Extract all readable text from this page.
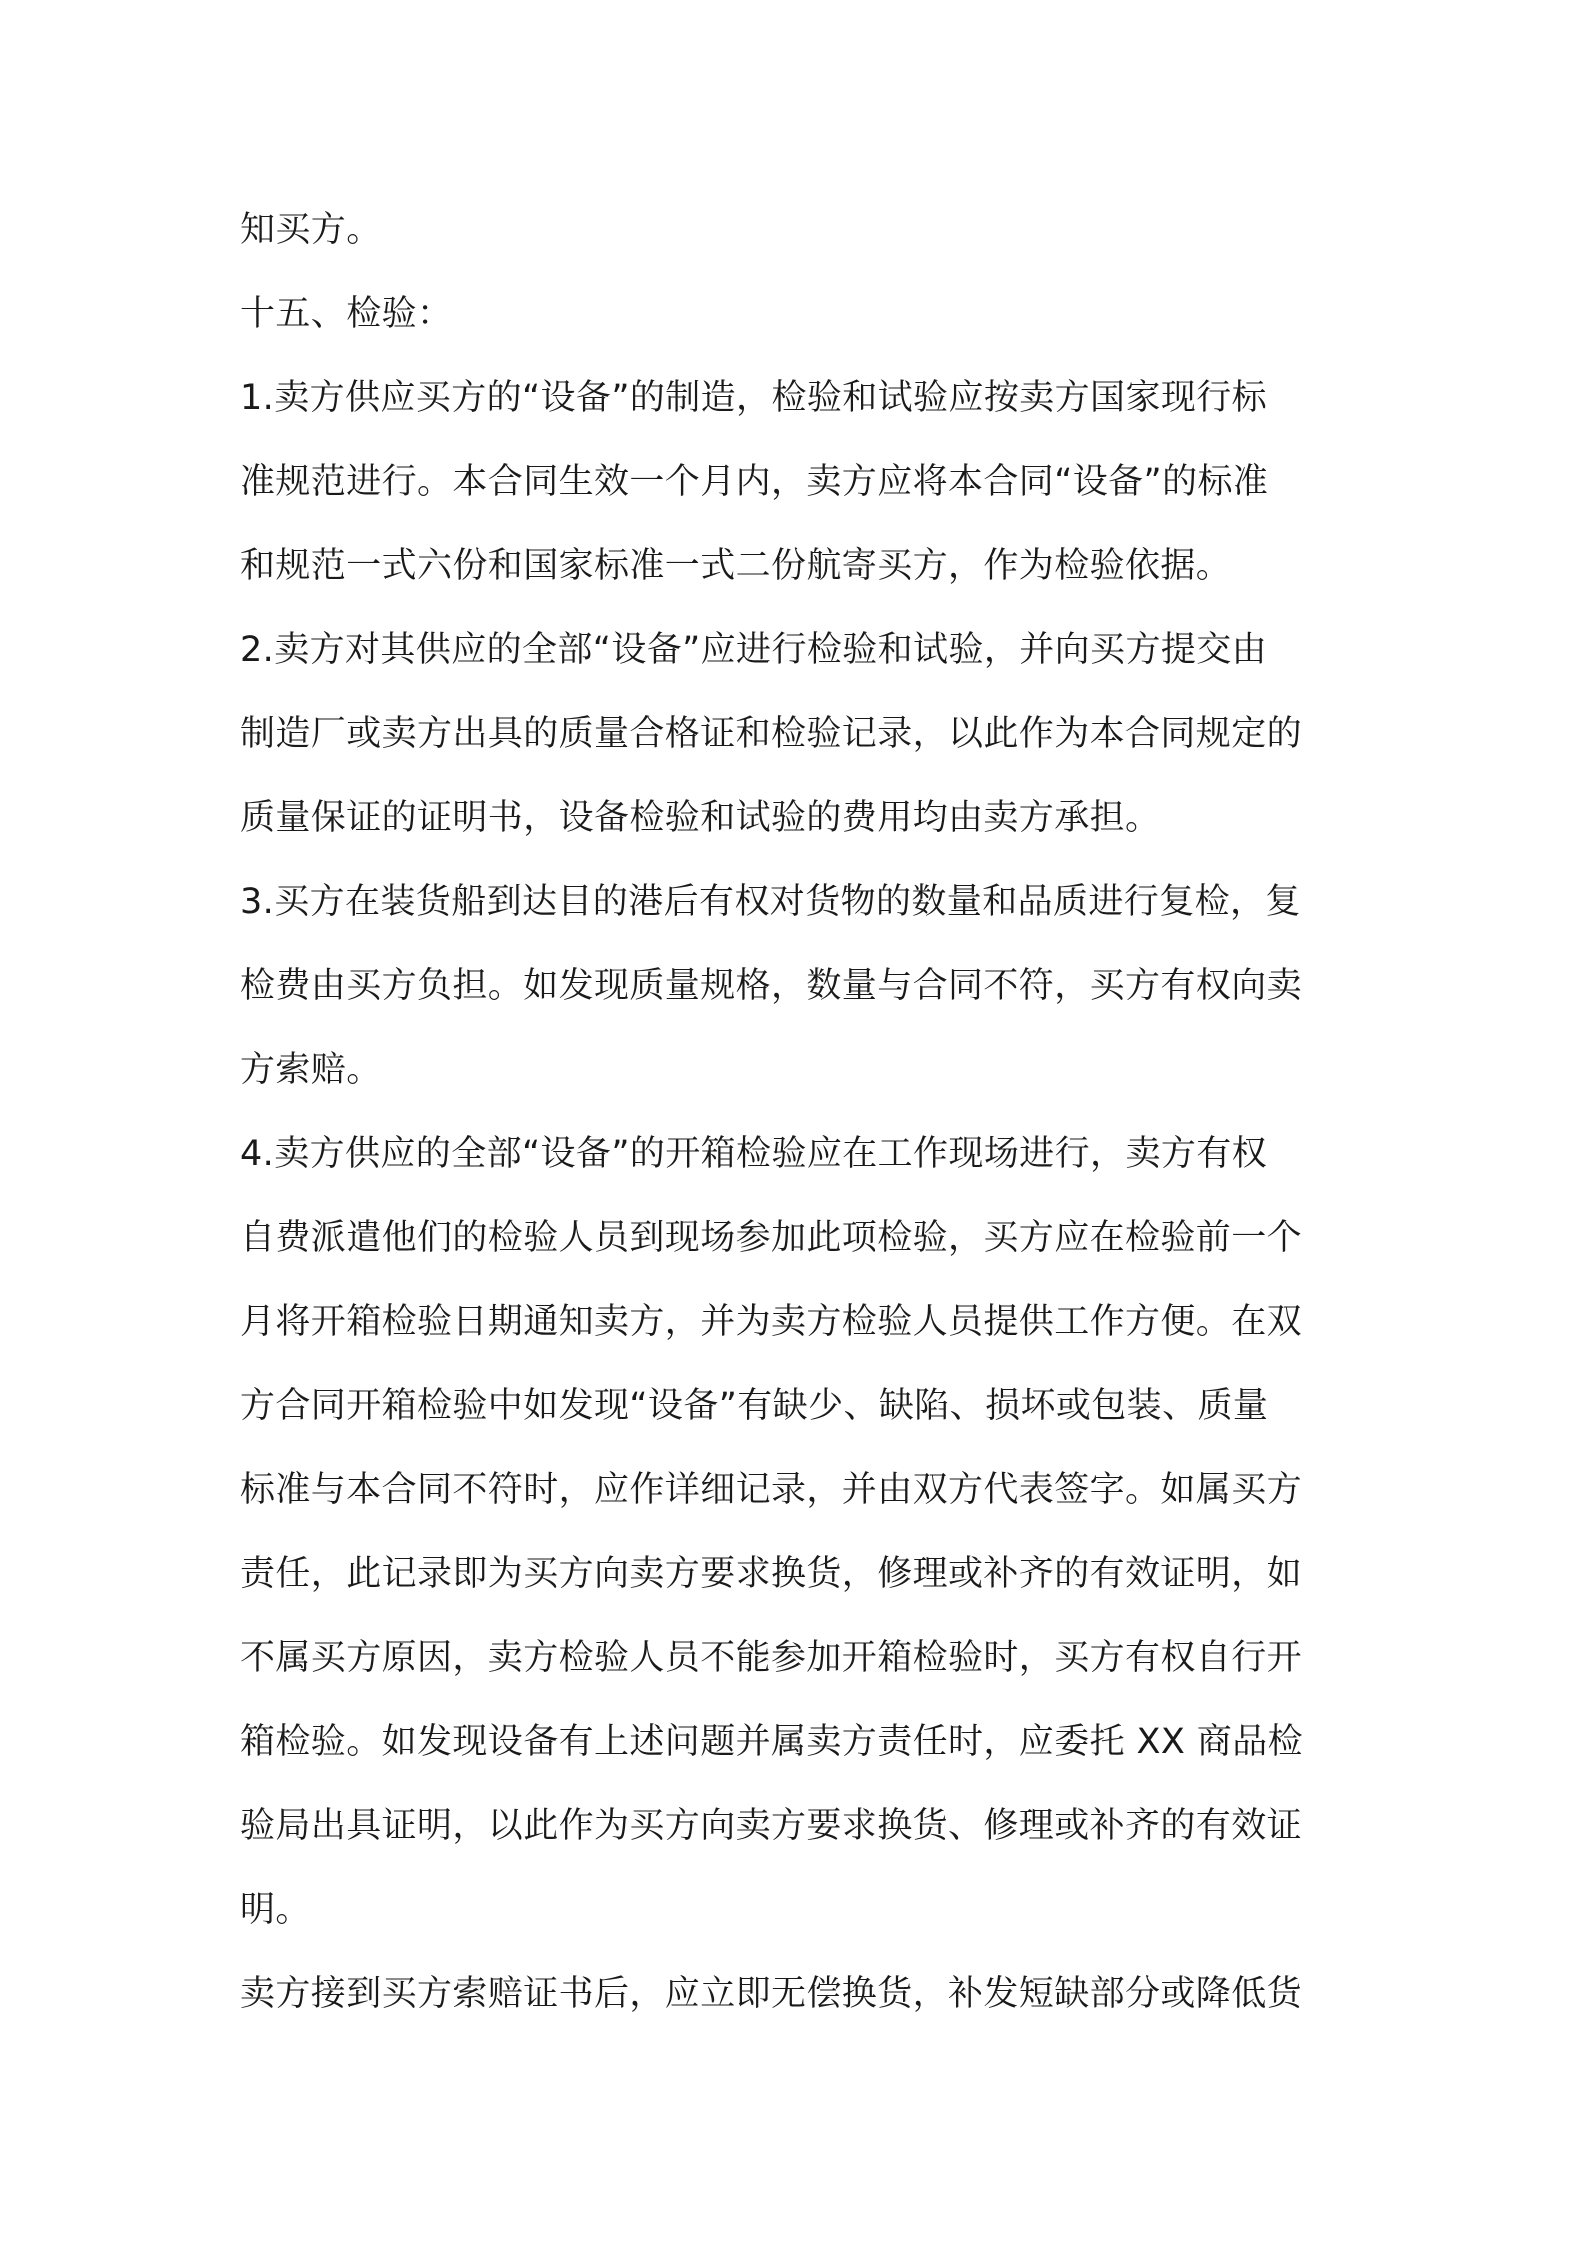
知买方。
十五、检验：
1.卖方供应买方的“设备”的制造，检验和试验应按卖方国家现行标
准规范进行。本合同生效一个月内，卖方应将本合同“设备”的标准
和规范一式六份和国家标准一式二份航寄买方，作为检验依据。
2.卖方对其供应的全部“设备”应进行检验和试验，并向买方提交由
制造厂或卖方出具的质量合格证和检验记录，以此作为本合同规定的
质量保证的证明书，设备检验和试验的费用均由卖方承担。
3.买方在装货船到达目的港后有权对货物的数量和品质进行复检，复
检费由买方负担。如发现质量规格，数量与合同不符，买方有权向卖
方索赔。
4.卖方供应的全部“设备”的开箱检验应在工作现场进行，卖方有权
自费派遣他们的检验人员到现场参加此项检验，买方应在检验前一个
月将开箱检验日期通知卖方，并为卖方检验人员提供工作方便。在双
方合同开箱检验中如发现“设备”有缺少、缺陷、损坏或包装、质量
标准与本合同不符时，应作详细记录，并由双方代表签字。如属买方
责任，此记录即为买方向卖方要求换货，修理或补齐的有效证明，如
不属买方原因，卖方检验人员不能参加开箱检验时，买方有权自行开
箱检验。如发现设备有上述问题并属卖方责任时，应委托 XX 商品检
验局出具证明，以此作为买方向卖方要求换货、修理或补齐的有效证
明。
卖方接到买方索赔证书后，应立即无偿换货，补发短缺部分或降低货
